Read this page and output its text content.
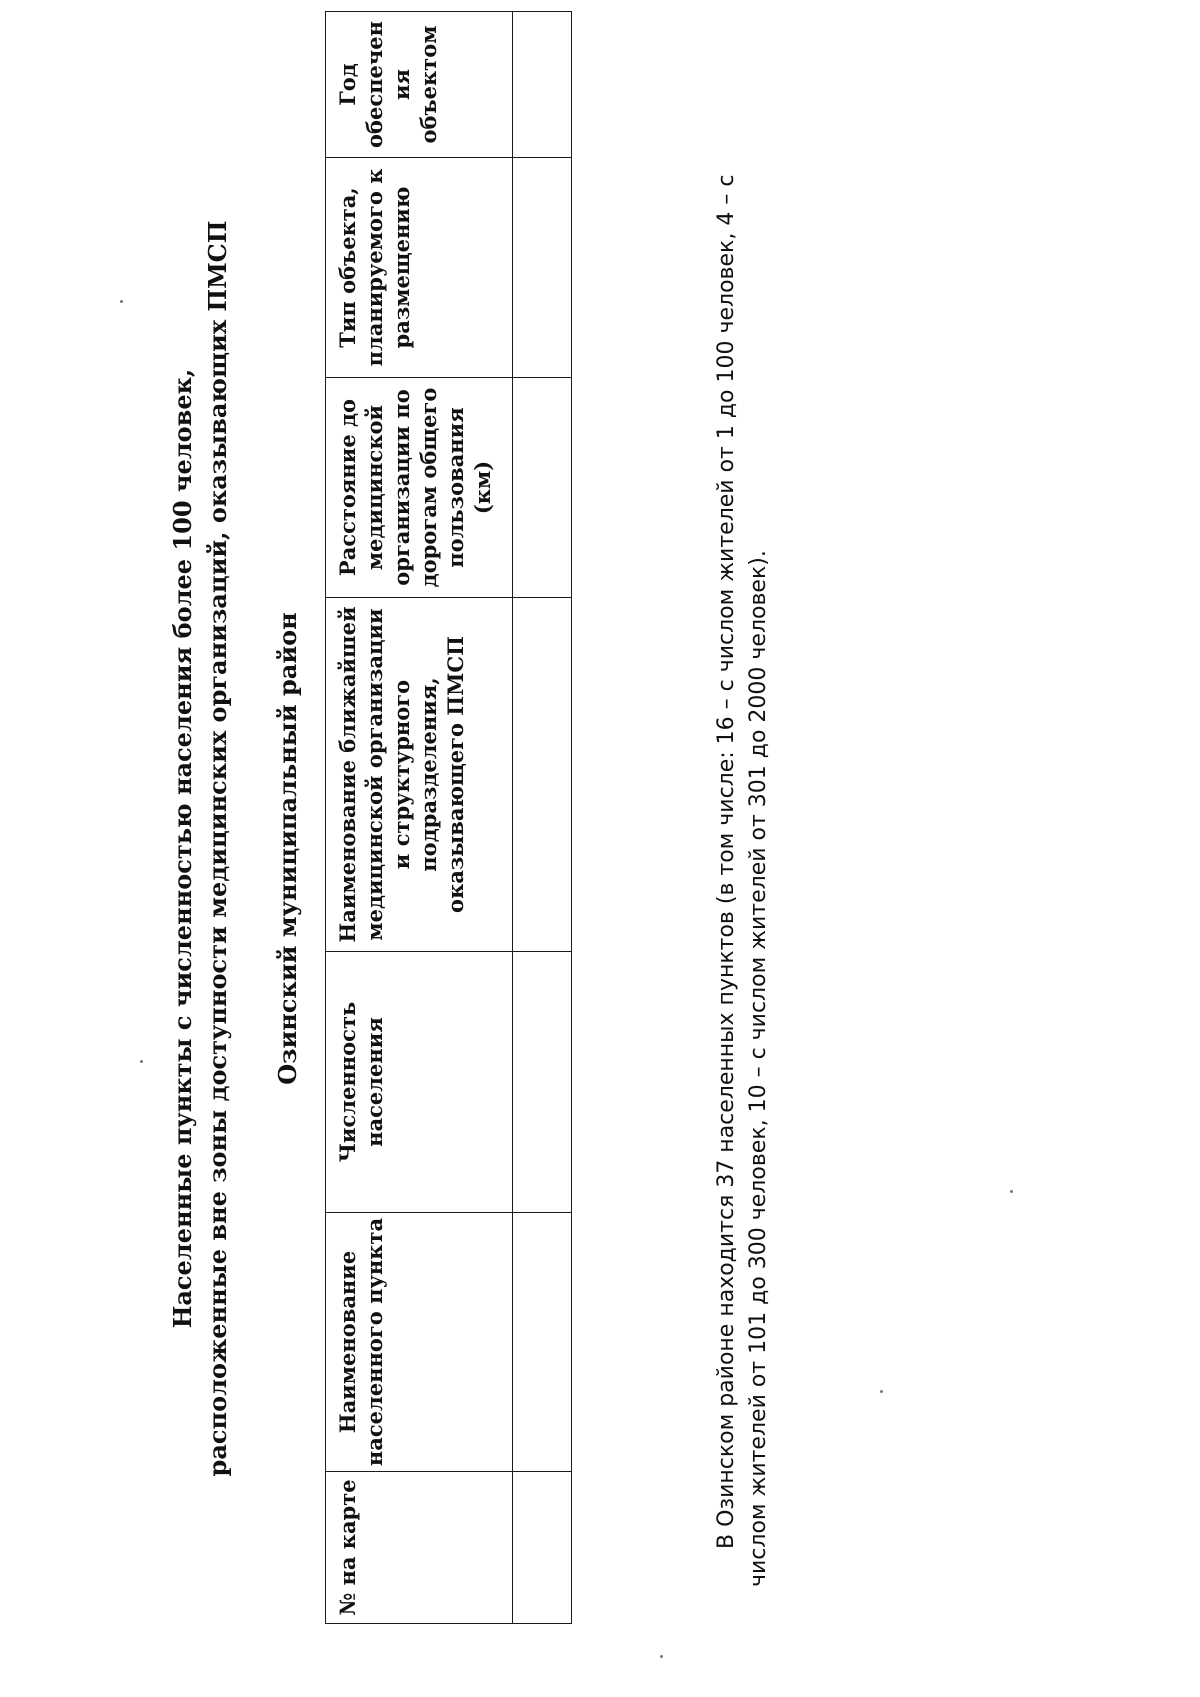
Населенные пункты с численностью населения более 100 человек, расположенные вне зоны доступности медицинских организаций, оказывающих ПМСП Озинский муниципальный район
№ на карте	Наименование населенного пункта	Численность населения	Наименование ближайшей медицинской организации и структурного подразделения, оказывающего ПМСП	Расстояние до медицинской организации по дорогам общего пользования (км)	Тип объекта, планируемого к размещению	Год обеспечения объектом

В Озинском районе находится 37 населенных пунктов (в том числе: 16 – с числом жителей от 1 до 100 человек, 4 – с числом жителей от 101 до 300 человек, 10 – с числом жителей от 301 до 2000 человек).
